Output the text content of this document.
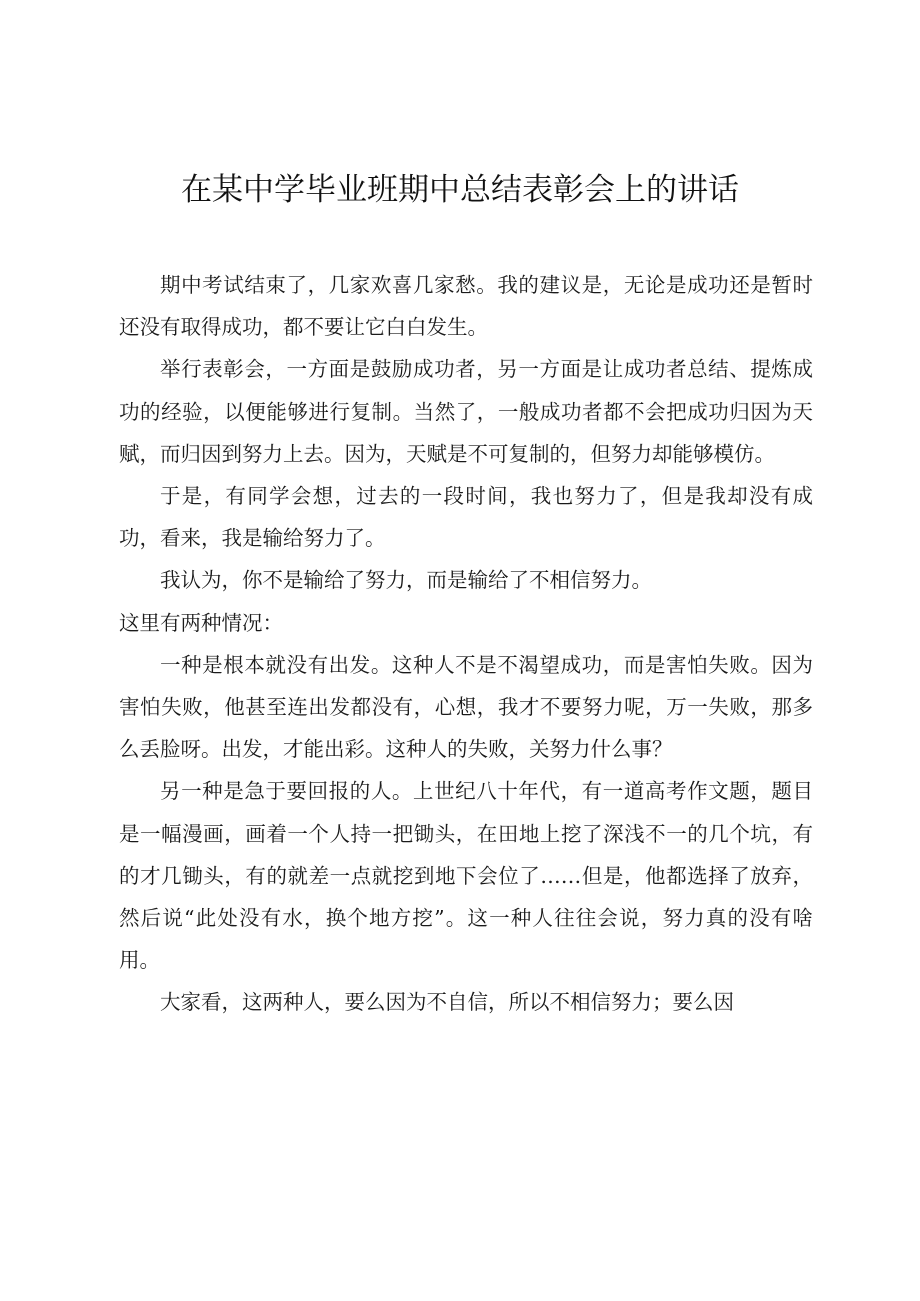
在某中学毕业班期中总结表彰会上的讲话

期中考试结束了，几家欢喜几家愁。我的建议是，无论是成功还是暂时还没有取得成功，都不要让它白白发生。

举行表彰会，一方面是鼓励成功者，另一方面是让成功者总结、提炼成功的经验，以便能够进行复制。当然了，一般成功者都不会把成功归因为天赋，而归因到努力上去。因为，天赋是不可复制的，但努力却能够模仿。

于是，有同学会想，过去的一段时间，我也努力了，但是我却没有成功，看来，我是输给努力了。

我认为，你不是输给了努力，而是输给了不相信努力。

这里有两种情况：

一种是根本就没有出发。这种人不是不渴望成功，而是害怕失败。因为害怕失败，他甚至连出发都没有，心想，我才不要努力呢，万一失败，那多么丢脸呀。出发，才能出彩。这种人的失败，关努力什么事？

另一种是急于要回报的人。上世纪八十年代，有一道高考作文题，题目是一幅漫画，画着一个人持一把锄头，在田地上挖了深浅不一的几个坑，有的才几锄头，有的就差一点就挖到地下会位了……但是，他都选择了放弃，然后说“此处没有水，换个地方挖”。这一种人往往会说，努力真的没有啥用。

大家看，这两种人，要么因为不自信，所以不相信努力；要么因
